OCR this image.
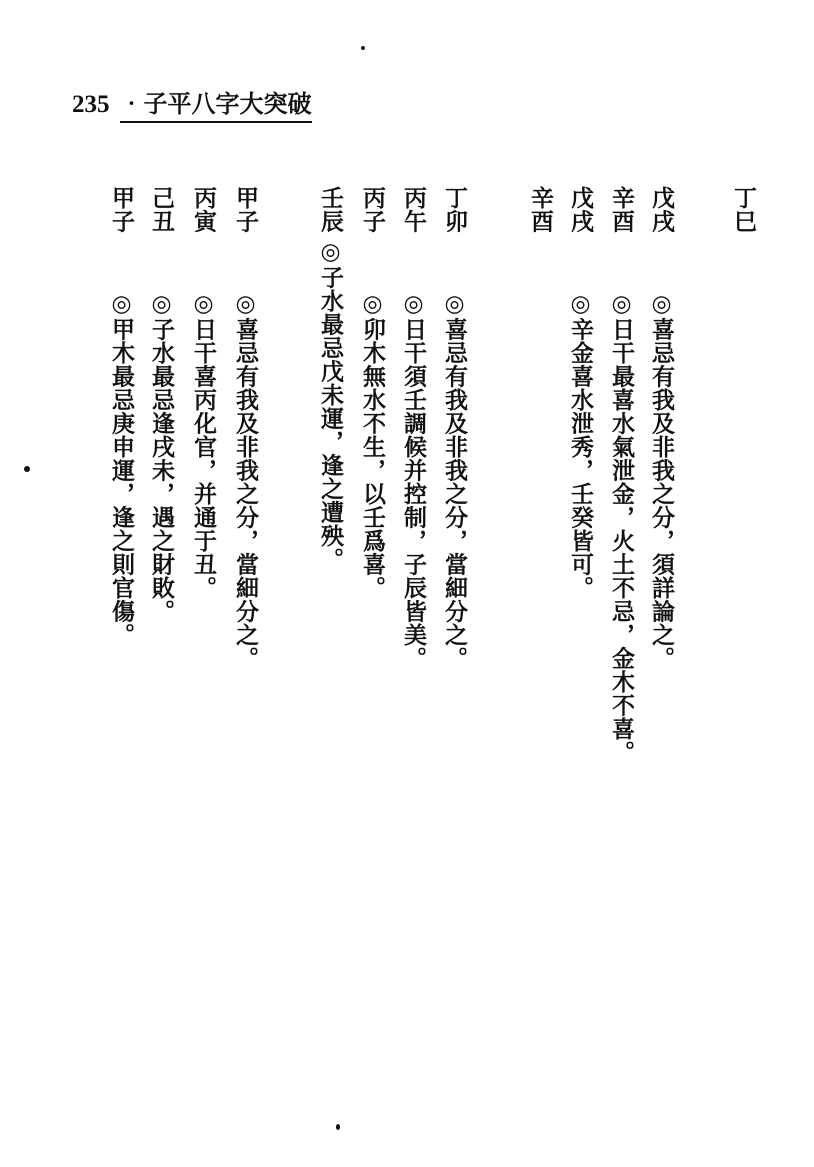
235 ‧子平八字大突破
丁巳
戊戌
◎喜忌有我及非我之分，須詳論之。
辛酉
◎日干最喜水氣泄金，火土不忌，金木不喜。
戊戌
◎辛金喜水泄秀，壬癸皆可。
辛酉
丁卯
◎喜忌有我及非我之分，當細分之。
丙午
◎日干須壬調候并控制，子辰皆美。
丙子
◎卯木無水不生，以壬爲喜。
壬辰
◎子水最忌戊未運，逢之遭殃。
甲子
◎喜忌有我及非我之分，當細分之。
丙寅
◎日干喜丙化官，并通于丑。
己丑
◎子水最忌逢戌未，遇之財敗。
甲子
◎甲木最忌庚申運，逢之則官傷。
